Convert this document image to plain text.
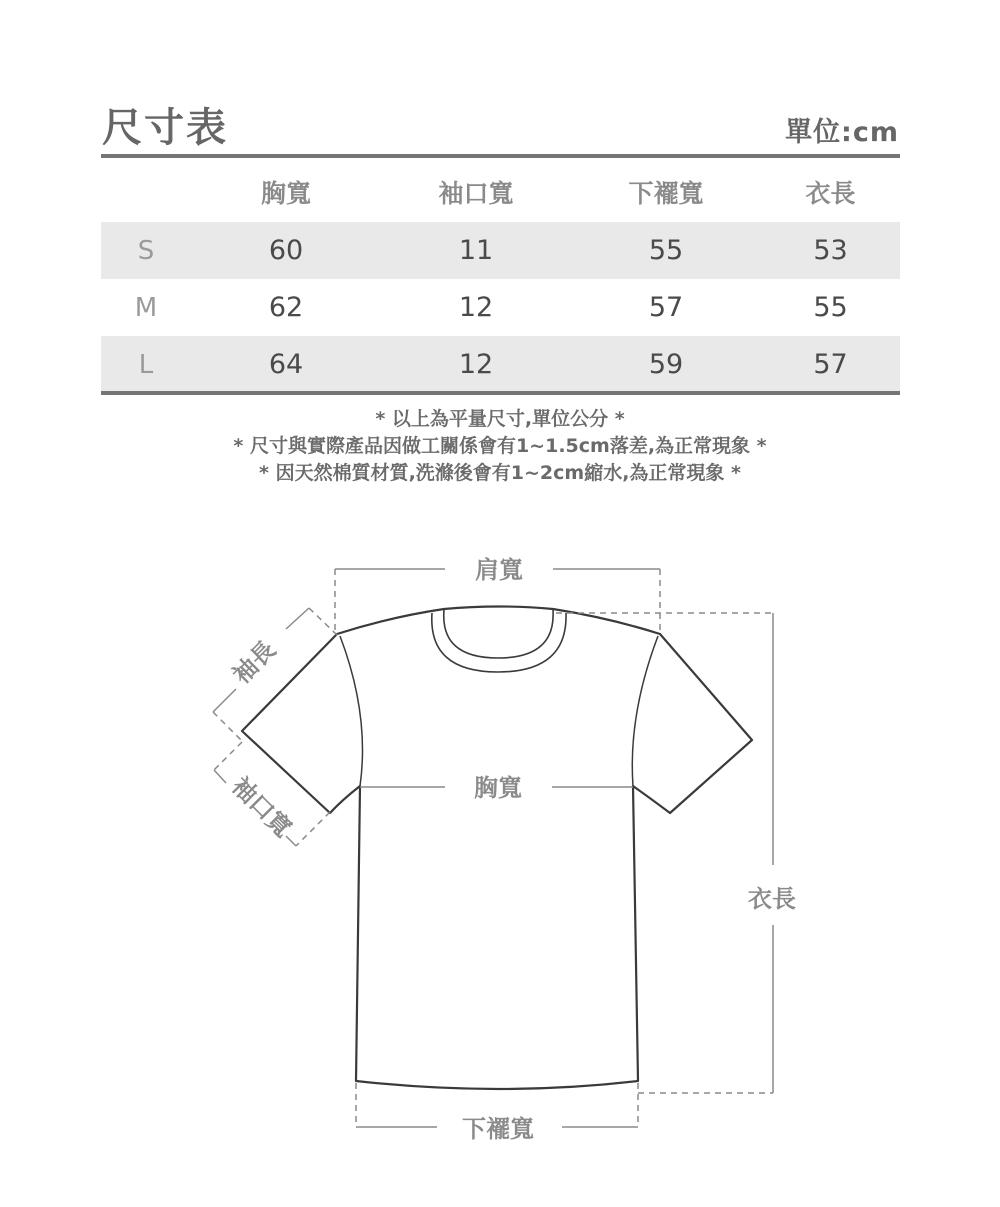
尺寸表	單位:cm
	胸寬	袖口寬	下襬寬	衣長
S	60	11	55	53
M	62	12	57	55
L	64	12	59	57
* 以上為平量尺寸,單位公分 *
* 尺寸與實際產品因做工關係會有1~1.5cm落差,為正常現象 *
* 因天然棉質材質,洗滌後會有1~2cm縮水,為正常現象 *
肩寬
胸寬
衣長
下襬寬
袖長
袖口寬
